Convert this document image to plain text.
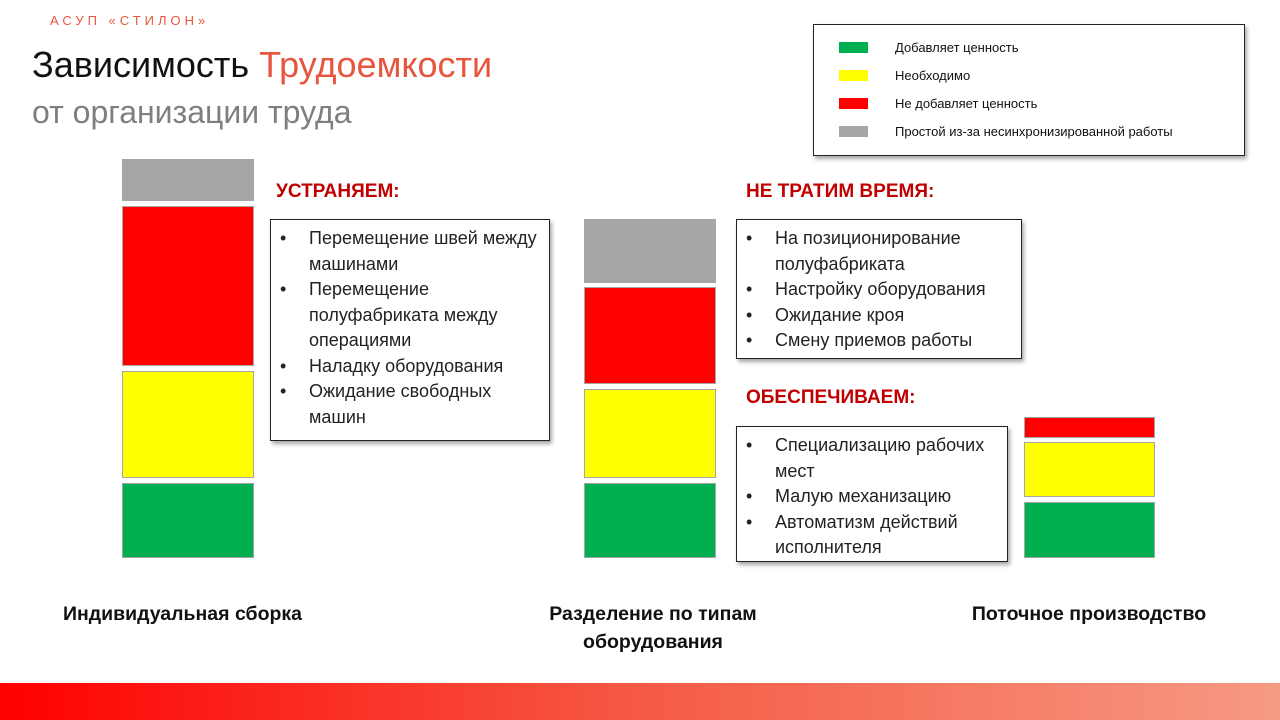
АСУП «СТИЛОН»
Зависимость Трудоемкости
от организации труда
Добавляет ценность
Необходимо
Не добавляет ценность
Простой из-за несинхронизированной работы
УСТРАНЯЕМ:
• Перемещение швей между машинами
• Перемещение полуфабриката между операциями
• Наладку оборудования
• Ожидание свободных машин
НЕ ТРАТИМ ВРЕМЯ:
• На позиционирование полуфабриката
• Настройку оборудования
• Ожидание кроя
• Смену приемов работы
ОБЕСПЕЧИВАЕМ:
• Специализацию рабочих мест
• Малую механизацию
• Автоматизм действий исполнителя
Индивидуальная сборка	Разделение по типам оборудования
Поточное производство
